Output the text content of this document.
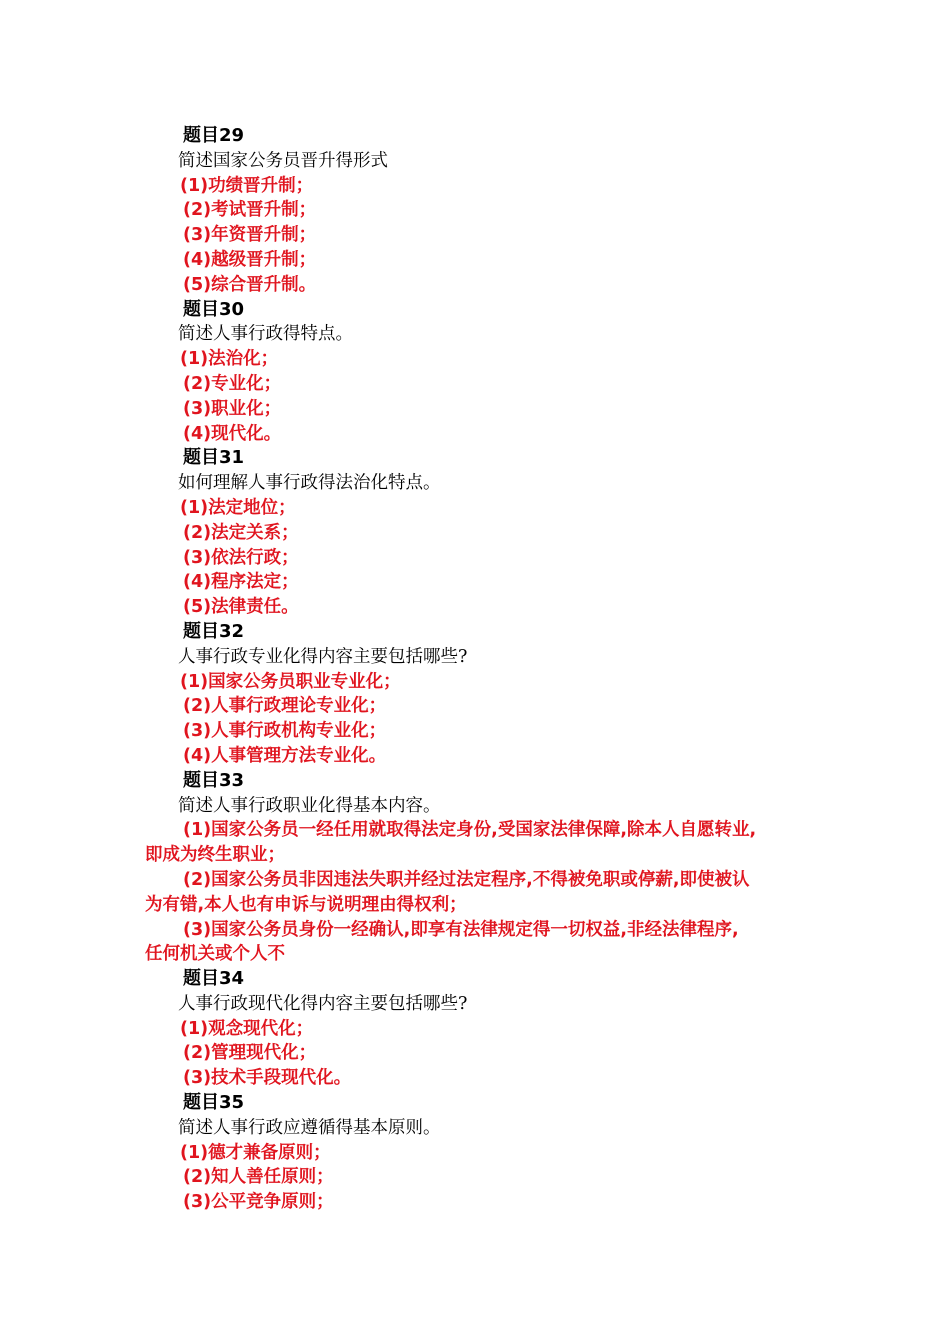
题目29
简述国家公务员晋升得形式
(1)功绩晋升制；
(2)考试晋升制；
(3)年资晋升制；
(4)越级晋升制；
(5)综合晋升制。
题目30
简述人事行政得特点。
(1)法治化；
(2)专业化；
(3)职业化；
(4)现代化。
题目31
如何理解人事行政得法治化特点。
(1)法定地位；
(2)法定关系；
(3)依法行政；
(4)程序法定；
(5)法律责任。
题目32
人事行政专业化得内容主要包括哪些?
(1)国家公务员职业专业化；
(2)人事行政理论专业化；
(3)人事行政机构专业化；
(4)人事管理方法专业化。
题目33
简述人事行政职业化得基本内容。
(1)国家公务员一经任用就取得法定身份,受国家法律保障,除本人自愿转业,
即成为终生职业；
(2)国家公务员非因违法失职并经过法定程序,不得被免职或停薪,即使被认
为有错,本人也有申诉与说明理由得权利；
(3)国家公务员身份一经确认,即享有法律规定得一切权益,非经法律程序,
任何机关或个人不
题目34
人事行政现代化得内容主要包括哪些?
(1)观念现代化；
(2)管理现代化；
(3)技术手段现代化。
题目35
简述人事行政应遵循得基本原则。
(1)德才兼备原则；
(2)知人善任原则；
(3)公平竞争原则；
